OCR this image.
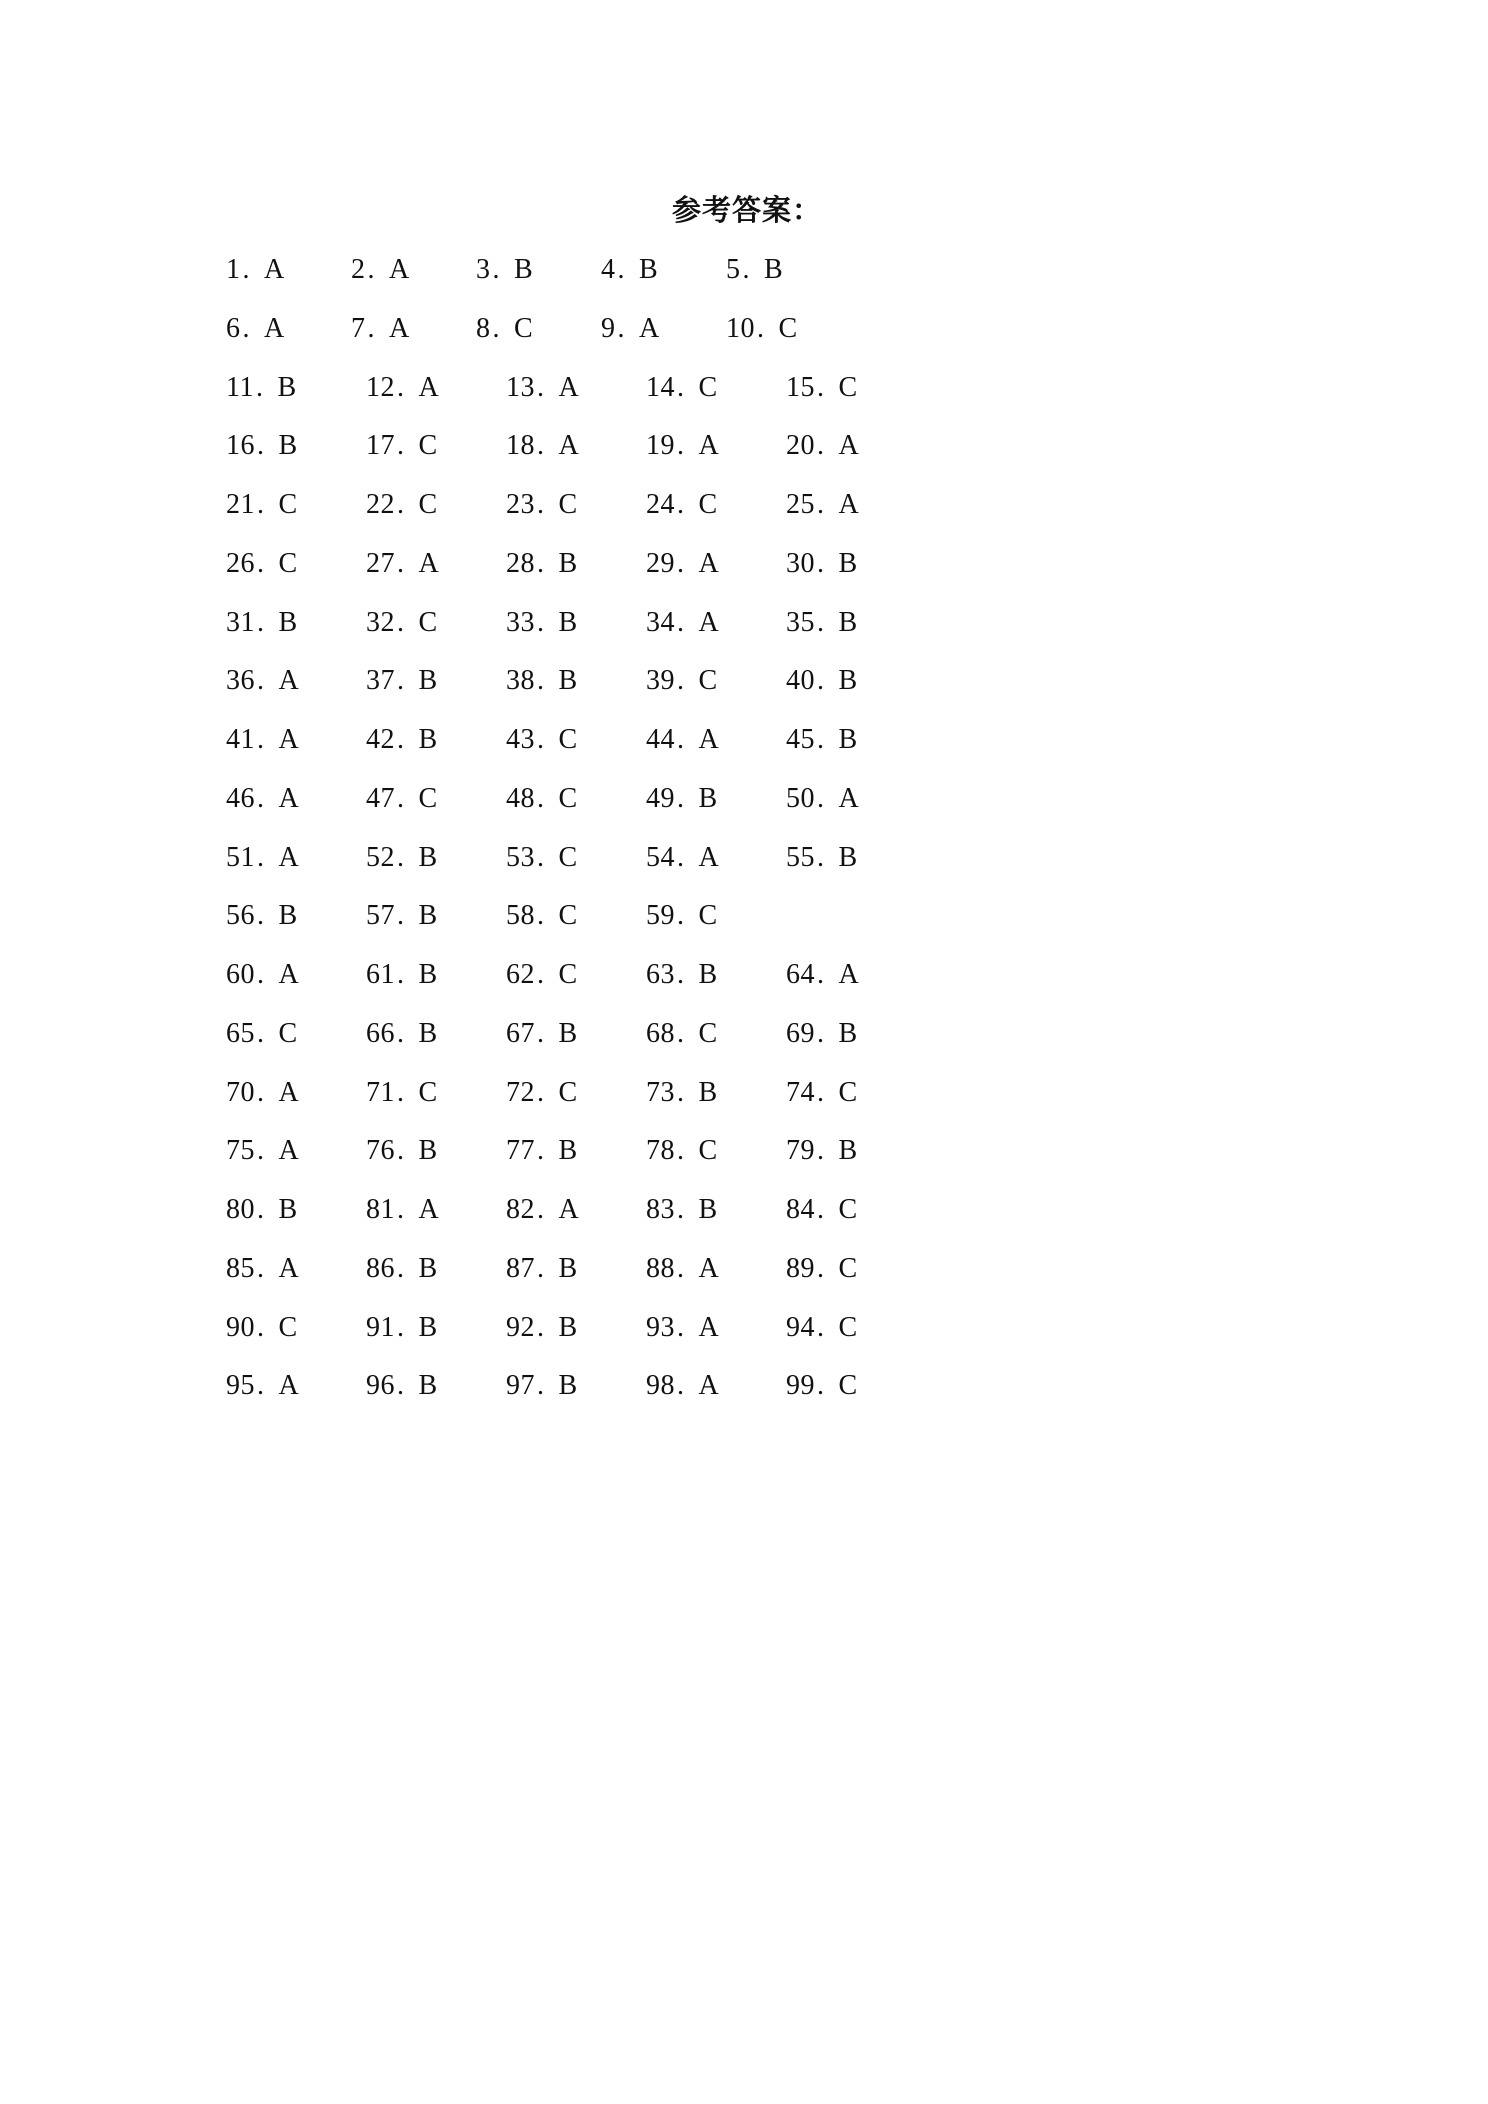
参考答案：
1. A 2. A 3. B 4. B 5. B
6. A 7. A 8. C 9. A 10. C
11. B 12. A 13. A 14. C 15. C
16. B 17. C 18. A 19. A 20. A
21. C 22. C 23. C 24. C 25. A
26. C 27. A 28. B 29. A 30. B
31. B 32. C 33. B 34. A 35. B
36. A 37. B 38. B 39. C 40. B
41. A 42. B 43. C 44. A 45. B
46. A 47. C 48. C 49. B 50. A
51. A 52. B 53. C 54. A 55. B
56. B 57. B 58. C 59. C
60. A 61. B 62. C 63. B 64. A
65. C 66. B 67. B 68. C 69. B
70. A 71. C 72. C 73. B 74. C
75. A 76. B 77. B 78. C 79. B
80. B 81. A 82. A 83. B 84. C
85. A 86. B 87. B 88. A 89. C
90. C 91. B 92. B 93. A 94. C
95. A 96. B 97. B 98. A 99. C
